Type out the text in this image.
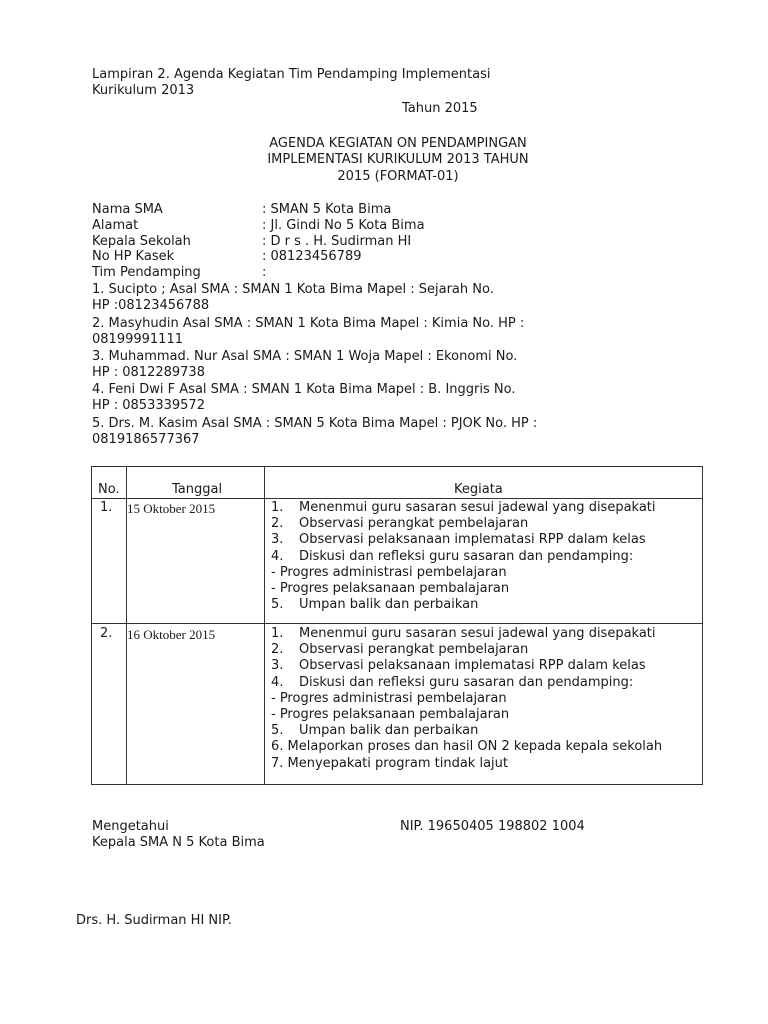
Lampiran 2. Agenda Kegiatan Tim Pendamping Implementasi
Kurikulum 2013
Tahun 2015
AGENDA KEGIATAN ON PENDAMPINGAN
IMPLEMENTASI KURIKULUM 2013 TAHUN
2015 (FORMAT-01)
Nama SMA	: SMAN 5 Kota Bima
Alamat	: Jl. Gindi No 5 Kota Bima
Kepala Sekolah	: D r s . H. Sudirman HI
No HP Kasek	: 08123456789
Tim Pendamping	:
1. Sucipto ; Asal SMA : SMAN 1 Kota Bima Mapel : Sejarah No.
HP :08123456788
2. Masyhudin Asal SMA : SMAN 1 Kota Bima Mapel : Kimia No. HP :
08199991111
3. Muhammad. Nur Asal SMA : SMAN 1 Woja Mapel : Ekonomi No.
HP : 0812289738
4. Feni Dwi F Asal SMA : SMAN 1 Kota Bima Mapel : B. Inggris No.
HP : 0853339572
5. Drs. M. Kasim Asal SMA : SMAN 5 Kota Bima Mapel : PJOK No. HP :
0819186577367
No.	Tanggal	Kegiata
1. 15 Oktober 2015	1. Menenmui guru sasaran sesui jadewal yang disepakati
2. Observasi perangkat pembelajaran
3. Observasi pelaksanaan implematasi RPP dalam kelas
4. Diskusi dan refleksi guru sasaran dan pendamping:
- Progres administrasi pembelajaran
- Progres pelaksanaan pembalajaran
5. Umpan balik dan perbaikan
2. 16 Oktober 2015	1. Menenmui guru sasaran sesui jadewal yang disepakati
2. Observasi perangkat pembelajaran
3. Observasi pelaksanaan implematasi RPP dalam kelas
4. Diskusi dan refleksi guru sasaran dan pendamping:
- Progres administrasi pembelajaran
- Progres pelaksanaan pembalajaran
5. Umpan balik dan perbaikan
6. Melaporkan proses dan hasil ON 2 kepada kepala sekolah
7. Menyepakati program tindak lajut
Mengetahui
Kepala SMA N 5 Kota Bima
NIP. 19650405 198802 1004
Drs. H. Sudirman HI NIP.
